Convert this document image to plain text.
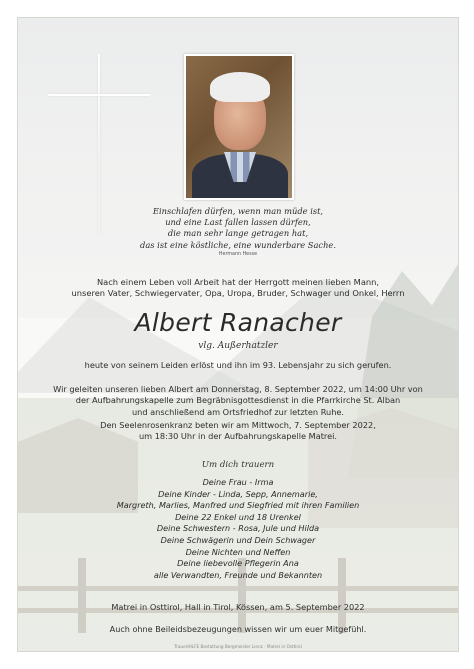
Einschlafen dürfen, wenn man müde ist,
und eine Last fallen lassen dürfen,
die man sehr lange getragen hat,
das ist eine köstliche, eine wunderbare Sache.
Hermann Hesse
Nach einem Leben voll Arbeit hat der Herrgott meinen lieben Mann,
unseren Vater, Schwiegervater, Opa, Uropa, Bruder, Schwager und Onkel, Herrn
Albert Ranacher
vlg. Außerhatzler
heute von seinem Leiden erlöst und ihn im 93. Lebensjahr zu sich gerufen.
Wir geleiten unseren lieben Albert am Donnerstag, 8. September 2022, um 14:00 Uhr von
der Aufbahrungskapelle zum Begräbnisgottesdienst in die Pfarrkirche St. Alban
und anschließend am Ortsfriedhof zur letzten Ruhe.
Den Seelenrosenkranz beten wir am Mittwoch, 7. September 2022,
um 18:30 Uhr in der Aufbahrungskapelle Matrei.
Um dich trauern
Deine Frau - Irma
Deine Kinder - Linda, Sepp, Annemarie,
Margreth, Marlies, Manfred und Siegfried mit ihren Familien
Deine 22 Enkel und 18 Urenkel
Deine Schwestern - Rosa, Jule und Hilda
Deine Schwägerin und Dein Schwager
Deine Nichten und Neffen
Deine liebevolle Pflegerin Ana
alle Verwandten, Freunde und Bekannten
Matrei in Osttirol, Hall in Tirol, Kössen, am 5. September 2022
Auch ohne Beileidsbezeugungen wissen wir um euer Mitgefühl.
TrauerHILFE Bestattung Bergmeister Lienz · Matrei in Osttirol
